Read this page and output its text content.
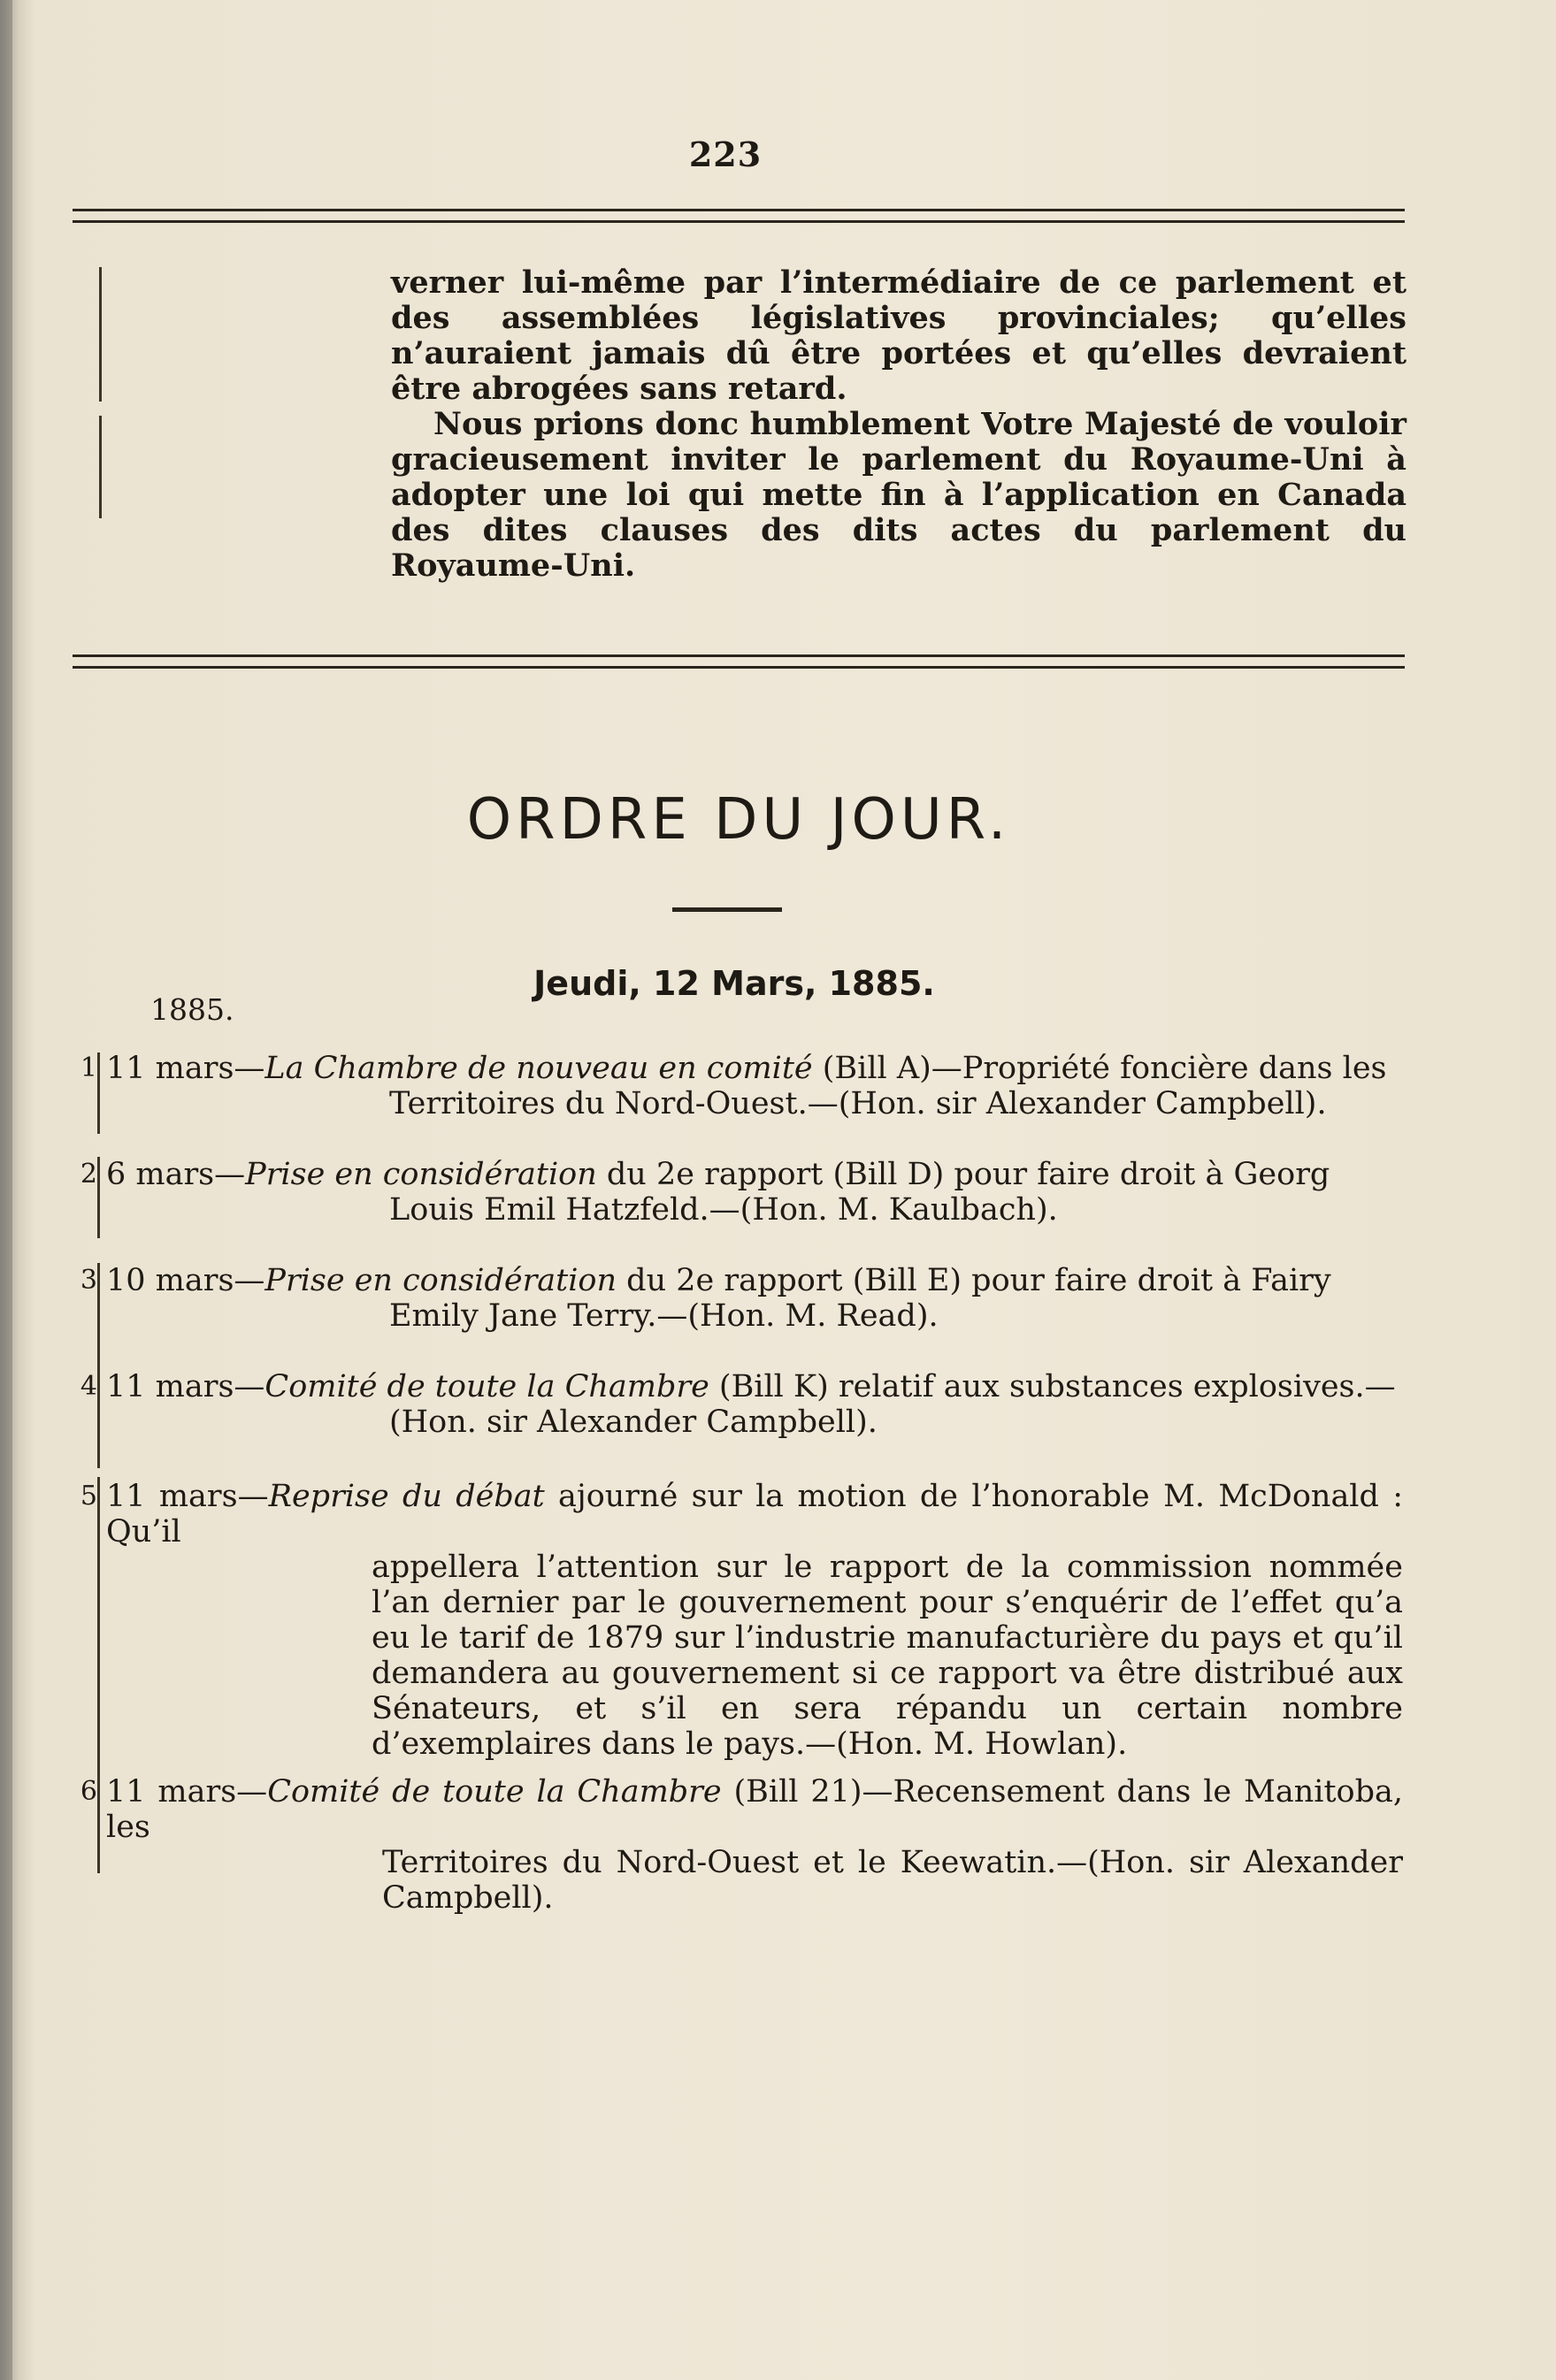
223

verner lui-même par l’intermédiaire de ce parlement et des assemblées législatives provinciales; qu’elles n’auraient jamais dû être portées et qu’elles devraient être abrogées sans retard.

Nous prions donc humblement Votre Majesté de vouloir gracieusement inviter le parlement du Royaume-Uni à adopter une loi qui mette fin à l’application en Canada des dites clauses des dits actes du parlement du Royaume-Uni.

ORDRE DU JOUR.
Jeudi, 12 Mars, 1885.
1885.
1 11 mars—La Chambre de nouveau en comité (Bill A)—Propriété foncière dans les
Territoires du Nord-Ouest.—(Hon. sir Alexander Campbell).
2 6 mars—Prise en considération du 2e rapport (Bill D) pour faire droit à Georg
Louis Emil Hatzfeld.—(Hon. M. Kaulbach).
3 10 mars—Prise en considération du 2e rapport (Bill E) pour faire droit à Fairy
Emily Jane Terry.—(Hon. M. Read).
4 11 mars—Comité de toute la Chambre (Bill K) relatif aux substances explosives.—
(Hon. sir Alexander Campbell).
5 11 mars—Reprise du débat ajourné sur la motion de l’honorable M. McDonald : Qu’il
appellera l’attention sur le rapport de la commission nommée l’an dernier par le gouvernement pour s’enquérir de l’effet qu’a eu le tarif de 1879 sur l’industrie manufacturière du pays et qu’il demandera au gouvernement si ce rapport va être distribué aux Sénateurs, et s’il en sera répandu un certain nombre d’exemplaires dans le pays.—(Hon. M. Howlan).
6 11 mars—Comité de toute la Chambre (Bill 21)—Recensement dans le Manitoba, les
Territoires du Nord-Ouest et le Keewatin.—(Hon. sir Alexander Campbell).
